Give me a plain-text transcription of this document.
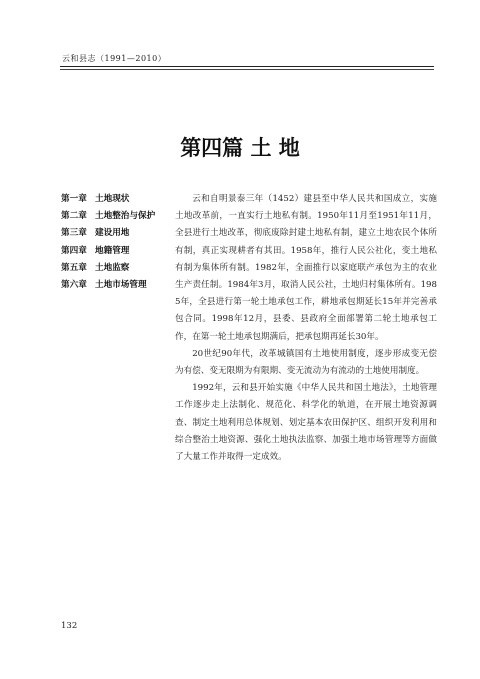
云和县志（1991—2010）
第四篇 土 地
第一章 土地现状
第二章 土地整治与保护
第三章 建设用地
第四章 地籍管理
第五章 土地监察
第六章 土地市场管理

云和自明景泰三年（1452）建县至中华人民共和国成立，实施土地改革前，一直实行土地私有制。1950年11月至1951年11月，全县进行土地改革，彻底废除封建土地私有制，建立土地农民个体所有制，真正实现耕者有其田。1958年，推行人民公社化，变土地私有制为集体所有制。1982年，全面推行以家庭联产承包为主的农业生产责任制。1984年3月，取消人民公社，土地归村集体所有。1985年，全县进行第一轮土地承包工作，耕地承包期延长15年并完善承包合同。1998年12月，县委、县政府全面部署第二轮土地承包工作，在第一轮土地承包期满后，把承包期再延长30年。

20世纪90年代，改革城镇国有土地使用制度，逐步形成变无偿为有偿、变无限期为有限期、变无流动为有流动的土地使用制度。

1992年，云和县开始实施《中华人民共和国土地法》，土地管理工作逐步走上法制化、规范化、科学化的轨道，在开展土地资源调查、制定土地利用总体规划、划定基本农田保护区、组织开发利用和综合整治土地资源、强化土地执法监察、加强土地市场管理等方面做了大量工作并取得一定成效。

132
